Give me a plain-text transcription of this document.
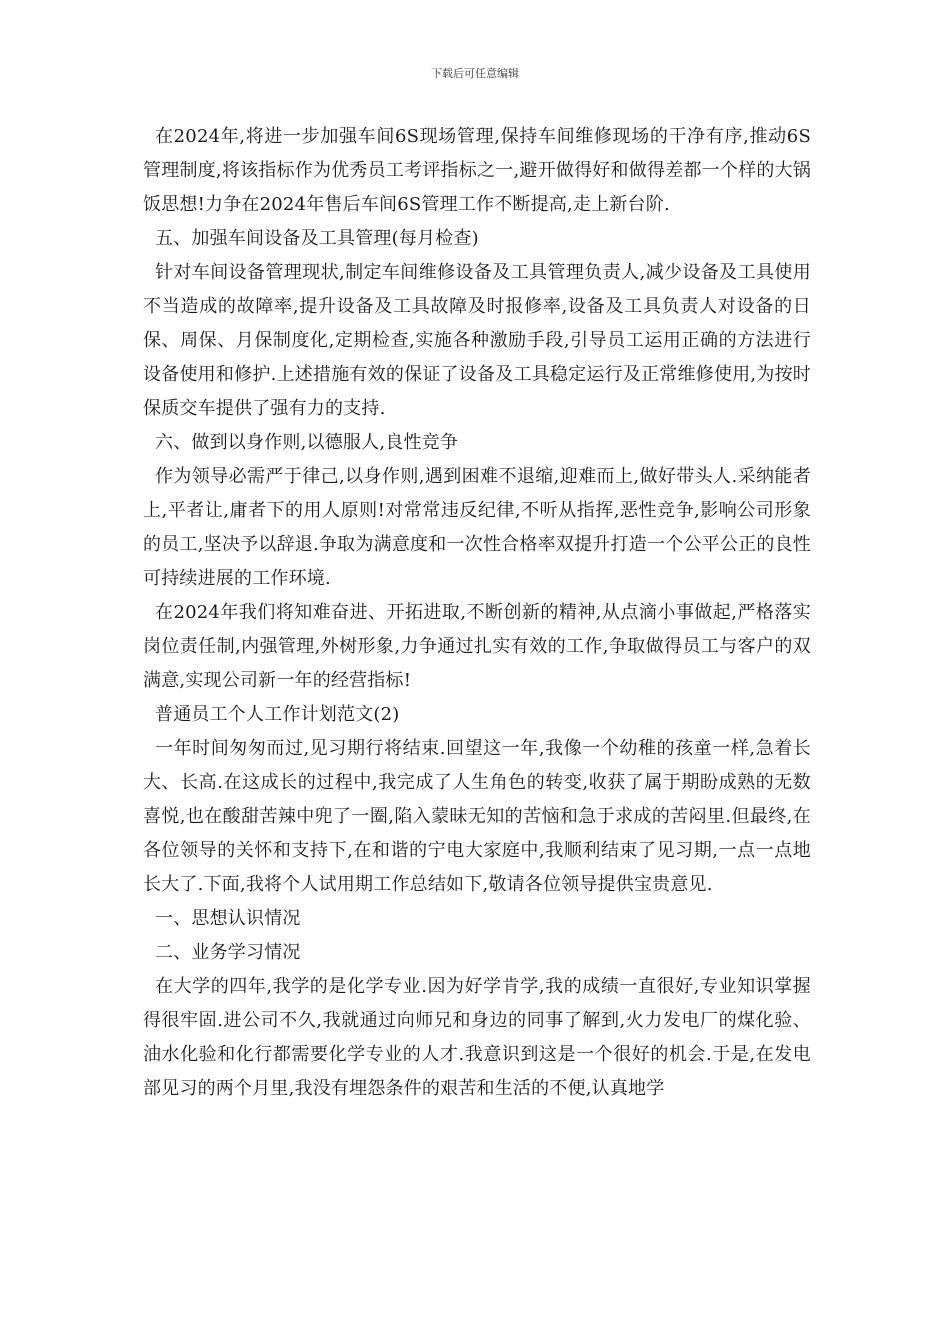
下载后可任意编辑

在2024年,将进一步加强车间6S现场管理,保持车间维修现场的干净有序,推动6S管理制度,将该指标作为优秀员工考评指标之一,避开做得好和做得差都一个样的大锅饭思想!力争在2024年售后车间6S管理工作不断提高,走上新台阶.

五、加强车间设备及工具管理(每月检查)

针对车间设备管理现状,制定车间维修设备及工具管理负责人,减少设备及工具使用不当造成的故障率,提升设备及工具故障及时报修率,设备及工具负责人对设备的日保、周保、月保制度化,定期检查,实施各种激励手段,引导员工运用正确的方法进行设备使用和修护.上述措施有效的保证了设备及工具稳定运行及正常维修使用,为按时保质交车提供了强有力的支持.

六、做到以身作则,以德服人,良性竞争

作为领导必需严于律己,以身作则,遇到困难不退缩,迎难而上,做好带头人.采纳能者上,平者让,庸者下的用人原则!对常常违反纪律,不听从指挥,恶性竞争,影响公司形象的员工,坚决予以辞退.争取为满意度和一次性合格率双提升打造一个公平公正的良性可持续进展的工作环境.

在2024年我们将知难奋进、开拓进取,不断创新的精神,从点滴小事做起,严格落实岗位责任制,内强管理,外树形象,力争通过扎实有效的工作,争取做得员工与客户的双满意,实现公司新一年的经营指标!

普通员工个人工作计划范文(2)

一年时间匆匆而过,见习期行将结束.回望这一年,我像一个幼稚的孩童一样,急着长大、长高.在这成长的过程中,我完成了人生角色的转变,收获了属于期盼成熟的无数喜悦,也在酸甜苦辣中兜了一圈,陷入蒙昧无知的苦恼和急于求成的苦闷里.但最终,在各位领导的关怀和支持下,在和谐的宁电大家庭中,我顺利结束了见习期,一点一点地长大了.下面,我将个人试用期工作总结如下,敬请各位领导提供宝贵意见.

一、思想认识情况

二、业务学习情况

在大学的四年,我学的是化学专业.因为好学肯学,我的成绩一直很好,专业知识掌握得很牢固.进公司不久,我就通过向师兄和身边的同事了解到,火力发电厂的煤化验、油水化验和化行都需要化学专业的人才.我意识到这是一个很好的机会.于是,在发电部见习的两个月里,我没有埋怨条件的艰苦和生活的不便,认真地学
